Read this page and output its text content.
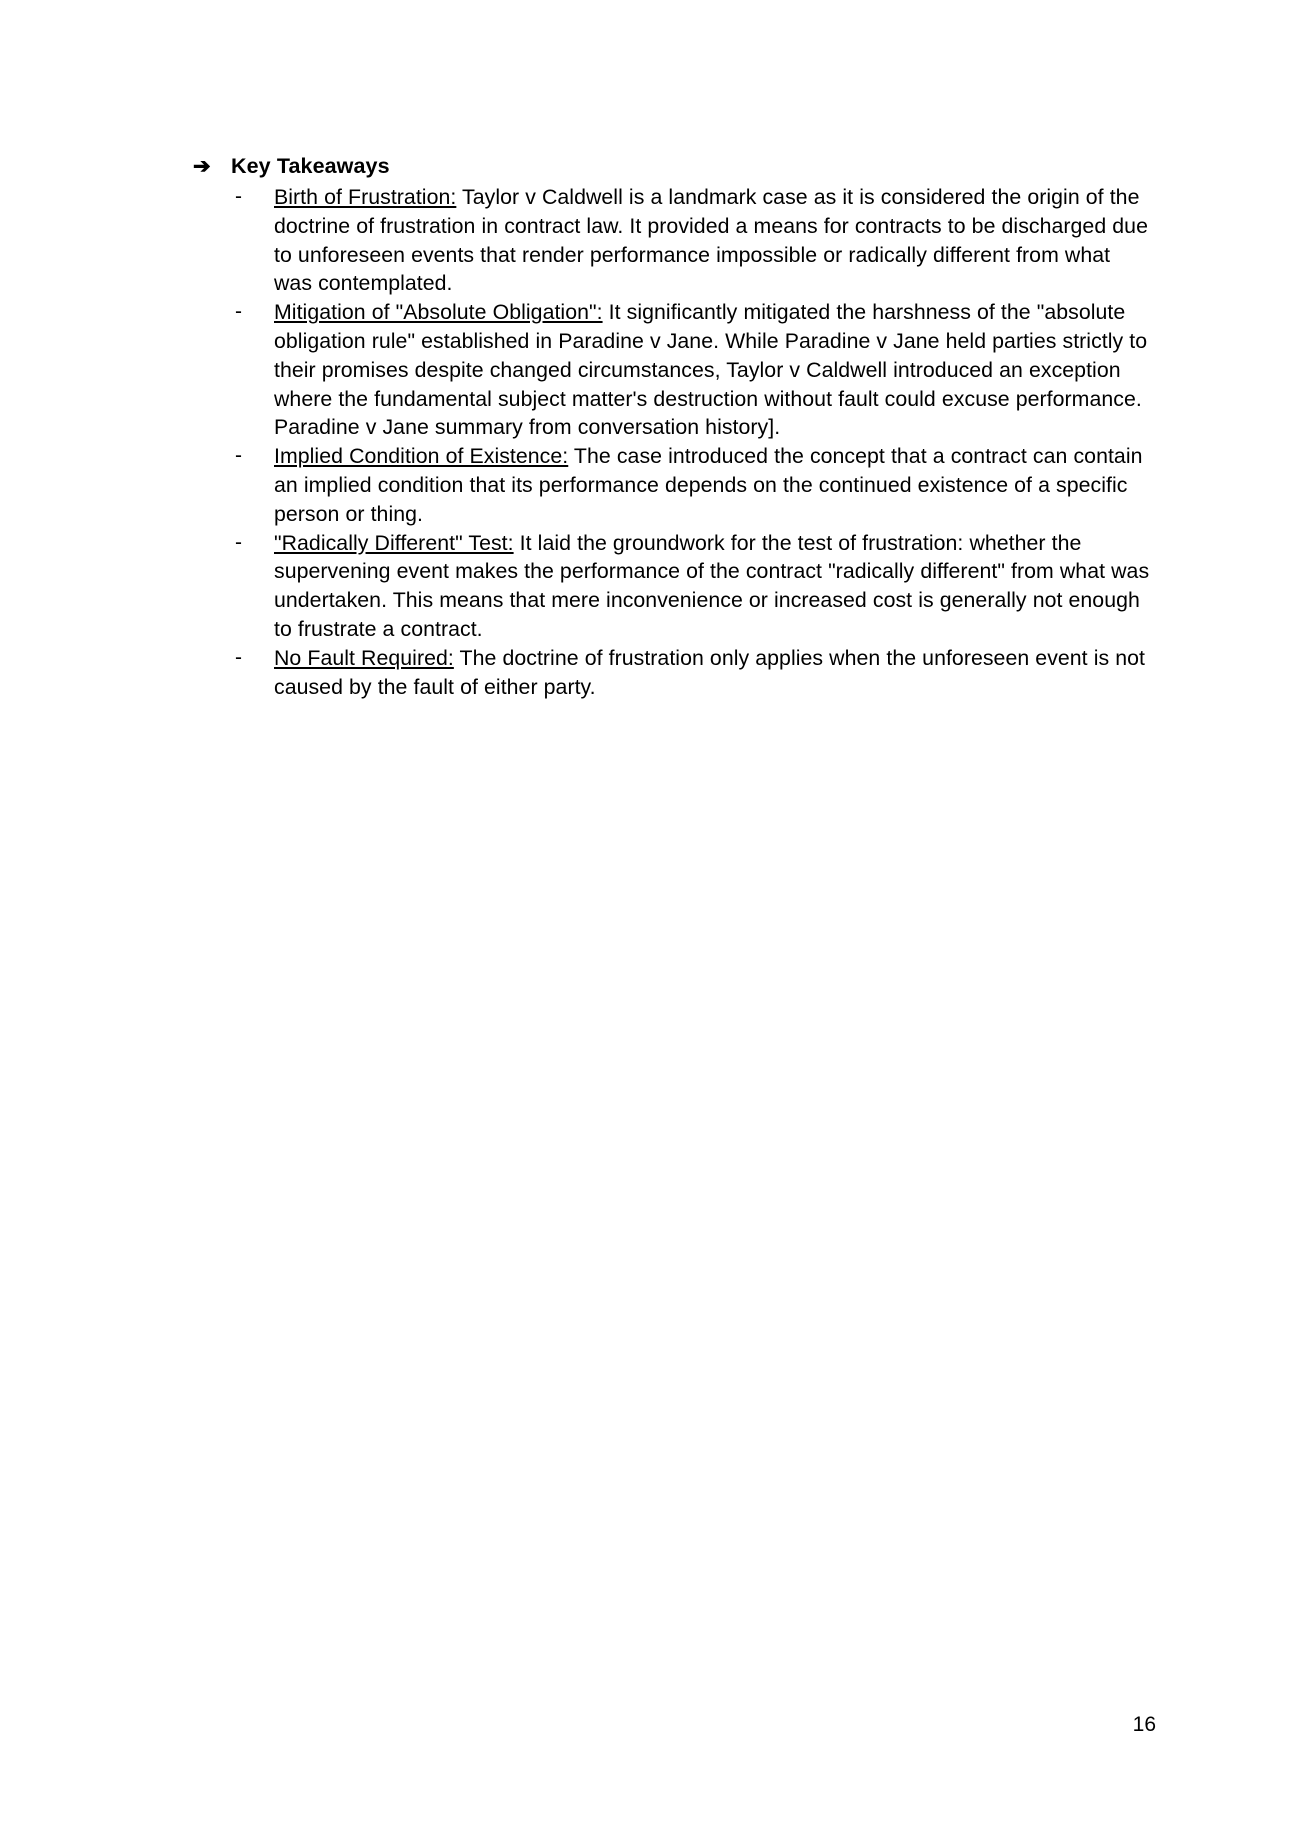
➔ Key Takeaways
-	Birth of Frustration: Taylor v Caldwell is a landmark case as it is considered the origin of the doctrine of frustration in contract law. It provided a means for contracts to be discharged due to unforeseen events that render performance impossible or radically different from what was contemplated.
-	Mitigation of "Absolute Obligation": It significantly mitigated the harshness of the "absolute obligation rule" established in Paradine v Jane. While Paradine v Jane held parties strictly to their promises despite changed circumstances, Taylor v Caldwell introduced an exception where the fundamental subject matter's destruction without fault could excuse performance. Paradine v Jane summary from conversation history].
-	Implied Condition of Existence: The case introduced the concept that a contract can contain an implied condition that its performance depends on the continued existence of a specific person or thing.
-	"Radically Different" Test: It laid the groundwork for the test of frustration: whether the supervening event makes the performance of the contract "radically different" from what was undertaken. This means that mere inconvenience or increased cost is generally not enough to frustrate a contract.
-	No Fault Required: The doctrine of frustration only applies when the unforeseen event is not caused by the fault of either party.
16
